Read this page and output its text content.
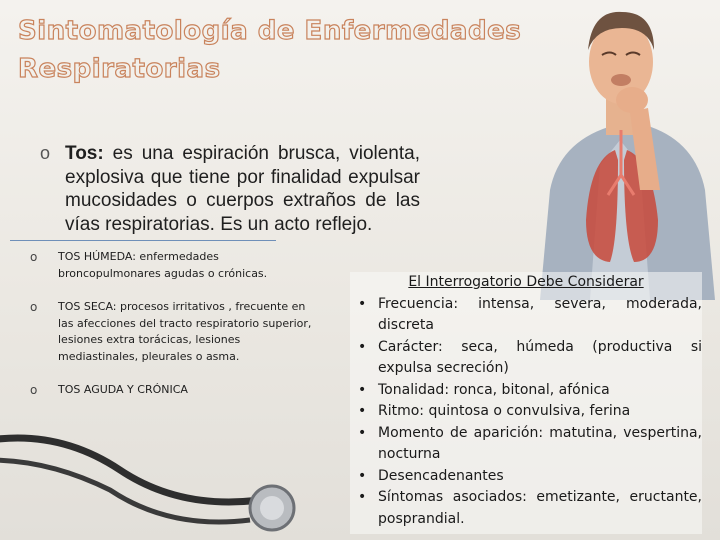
Sintomatología de Enfermedades Respiratorias
o Tos: es una espiración brusca, violenta, explosiva que tiene por finalidad expulsar mucosidades o cuerpos extraños de las vías respiratorias. Es un acto reflejo.
o TOS HÚMEDA: enfermedades broncopulmonares agudas o crónicas.
o TOS SECA: procesos irritativos , frecuente en las afecciones del tracto respiratorio superior, lesiones extra torácicas, lesiones mediastinales, pleurales o asma.
o TOS AGUDA Y CRÓNICA
El Interrogatorio Debe Considerar
• Frecuencia: intensa, severa, moderada, discreta
• Carácter: seca, húmeda (productiva si expulsa secreción)
• Tonalidad: ronca, bitonal, afónica
• Ritmo: quintosa o convulsiva, ferina
• Momento de aparición: matutina, vespertina, nocturna
• Desencadenantes
• Síntomas asociados: emetizante, eructante, posprandial.
